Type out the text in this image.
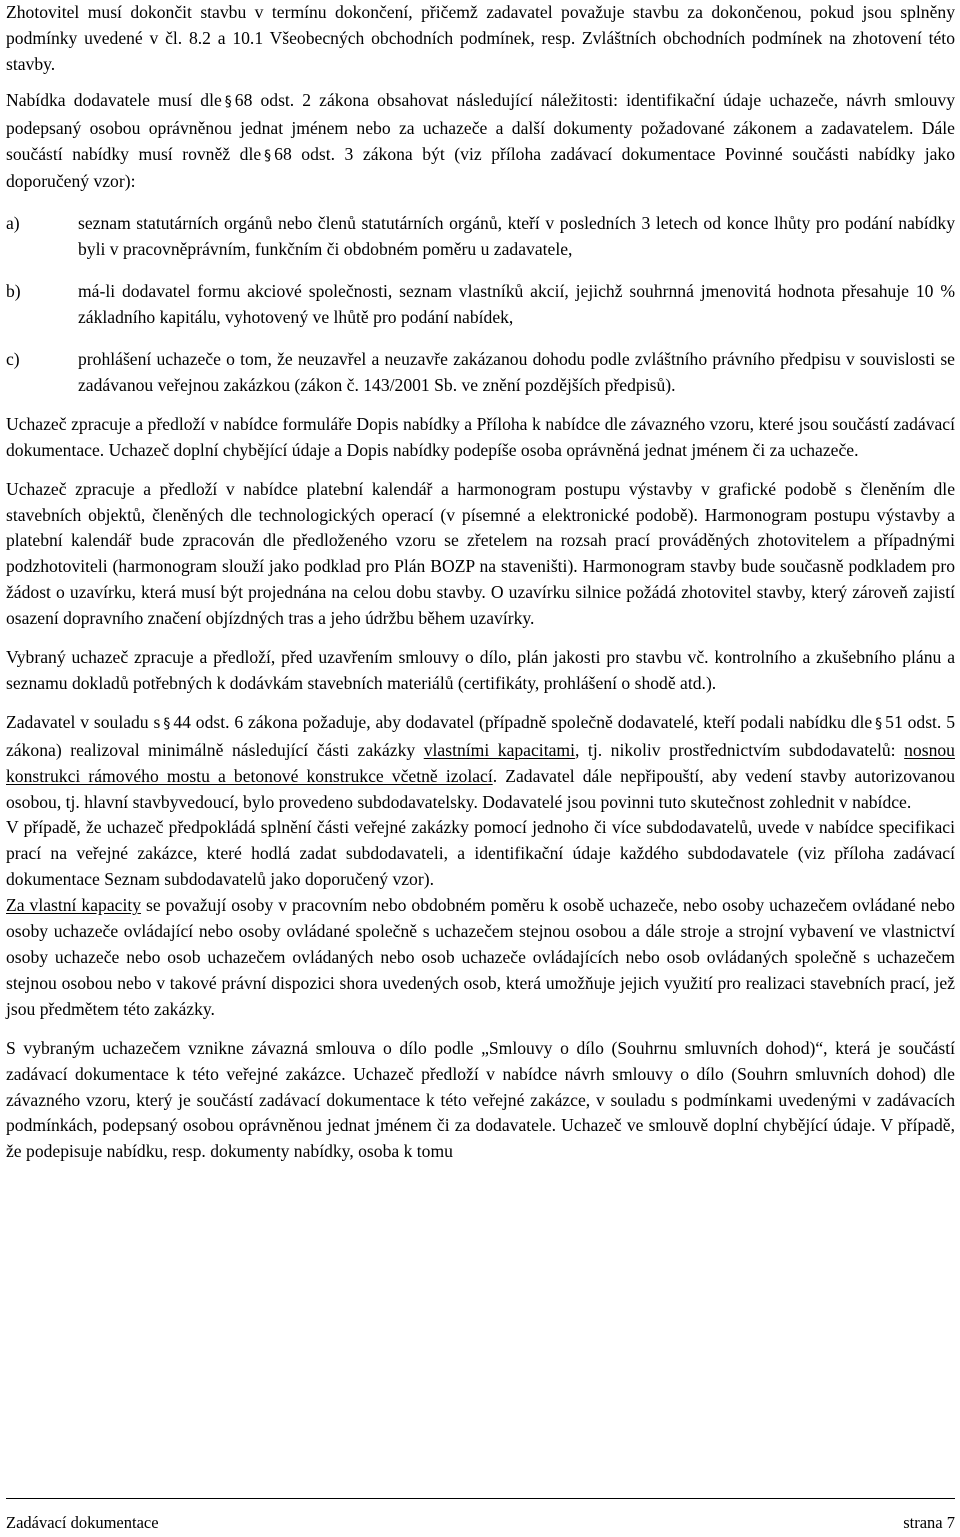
Zhotovitel musí dokončit stavbu v termínu dokončení, přičemž zadavatel považuje stavbu za dokončenou, pokud jsou splněny podmínky uvedené v čl. 8.2 a 10.1 Všeobecných obchodních podmínek, resp. Zvláštních obchodních podmínek na zhotovení této stavby.

Nabídka dodavatele musí dle § 68 odst. 2 zákona obsahovat následující náležitosti: identifikační údaje uchazeče, návrh smlouvy podepsaný osobou oprávněnou jednat jménem nebo za uchazeče a další dokumenty požadované zákonem a zadavatelem. Dále součástí nabídky musí rovněž dle § 68 odst. 3 zákona být (viz příloha zadávací dokumentace Povinné součásti nabídky jako doporučený vzor):

a)	seznam statutárních orgánů nebo členů statutárních orgánů, kteří v posledních 3 letech od konce lhůty pro podání nabídky byli v pracovněprávním, funkčním či obdobném poměru u zadavatele,

b)	má-li dodavatel formu akciové společnosti, seznam vlastníků akcií, jejichž souhrnná jmenovitá hodnota přesahuje 10 % základního kapitálu, vyhotovený ve lhůtě pro podání nabídek,

c)	prohlášení uchazeče o tom, že neuzavřel a neuzavře zakázanou dohodu podle zvláštního právního předpisu v souvislosti se zadávanou veřejnou zakázkou (zákon č. 143/2001 Sb. ve znění pozdějších předpisů).

Uchazeč zpracuje a předloží v nabídce formuláře Dopis nabídky a Příloha k nabídce dle závazného vzoru, které jsou součástí zadávací dokumentace. Uchazeč doplní chybějící údaje a Dopis nabídky podepíše osoba oprávněná jednat jménem či za uchazeče.

Uchazeč zpracuje a předloží v nabídce platební kalendář a harmonogram postupu výstavby v grafické podobě s členěním dle stavebních objektů, členěných dle technologických operací (v písemné a elektronické podobě). Harmonogram postupu výstavby a platební kalendář bude zpracován dle předloženého vzoru se zřetelem na rozsah prací prováděných zhotovitelem a případnými podzhotoviteli (harmonogram slouží jako podklad pro Plán BOZP na staveništi). Harmonogram stavby bude současně podkladem pro žádost o uzavírku, která musí být projednána na celou dobu stavby. O uzavírku silnice požádá zhotovitel stavby, který zároveň zajistí osazení dopravního značení objízdných tras a jeho údržbu během uzavírky.

Vybraný uchazeč zpracuje a předloží, před uzavřením smlouvy o dílo, plán jakosti pro stavbu vč. kontrolního a zkušebního plánu a seznamu dokladů potřebných k dodávkám stavebních materiálů (certifikáty, prohlášení o shodě atd.).

Zadavatel v souladu s § 44 odst. 6 zákona požaduje, aby dodavatel (případně společně dodavatelé, kteří podali nabídku dle § 51 odst. 5 zákona) realizoval minimálně následující části zakázky vlastními kapacitami, tj. nikoliv prostřednictvím subdodavatelů: nosnou konstrukci rámového mostu a betonové konstrukce včetně izolací. Zadavatel dále nepřipouští, aby vedení stavby autorizovanou osobou, tj. hlavní stavbyvedoucí, bylo provedeno subdodavatelsky. Dodavatelé jsou povinni tuto skutečnost zohlednit v nabídce.

V případě, že uchazeč předpokládá splnění části veřejné zakázky pomocí jednoho či více subdodavatelů, uvede v nabídce specifikaci prací na veřejné zakázce, které hodlá zadat subdodavateli, a identifikační údaje každého subdodavatele (viz příloha zadávací dokumentace Seznam subdodavatelů jako doporučený vzor).

Za vlastní kapacity se považují osoby v pracovním nebo obdobném poměru k osobě uchazeče, nebo osoby uchazečem ovládané nebo osoby uchazeče ovládající nebo osoby ovládané společně s uchazečem stejnou osobou a dále stroje a strojní vybavení ve vlastnictví osoby uchazeče nebo osob uchazečem ovládaných nebo osob uchazeče ovládajících nebo osob ovládaných společně s uchazečem stejnou osobou nebo v takové právní dispozici shora uvedených osob, která umožňuje jejich využití pro realizaci stavebních prací, jež jsou předmětem této zakázky.

S vybraným uchazečem vznikne závazná smlouva o dílo podle „Smlouvy o dílo (Souhrnu smluvních dohod)“, která je součástí zadávací dokumentace k této veřejné zakázce. Uchazeč předloží v nabídce návrh smlouvy o dílo (Souhrn smluvních dohod) dle závazného vzoru, který je součástí zadávací dokumentace k této veřejné zakázce, v souladu s podmínkami uvedenými v zadávacích podmínkách, podepsaný osobou oprávněnou jednat jménem či za dodavatele. Uchazeč ve smlouvě doplní chybějící údaje. V případě, že podepisuje nabídku, resp. dokumenty nabídky, osoba k tomu

Zadávací dokumentace	strana 7
